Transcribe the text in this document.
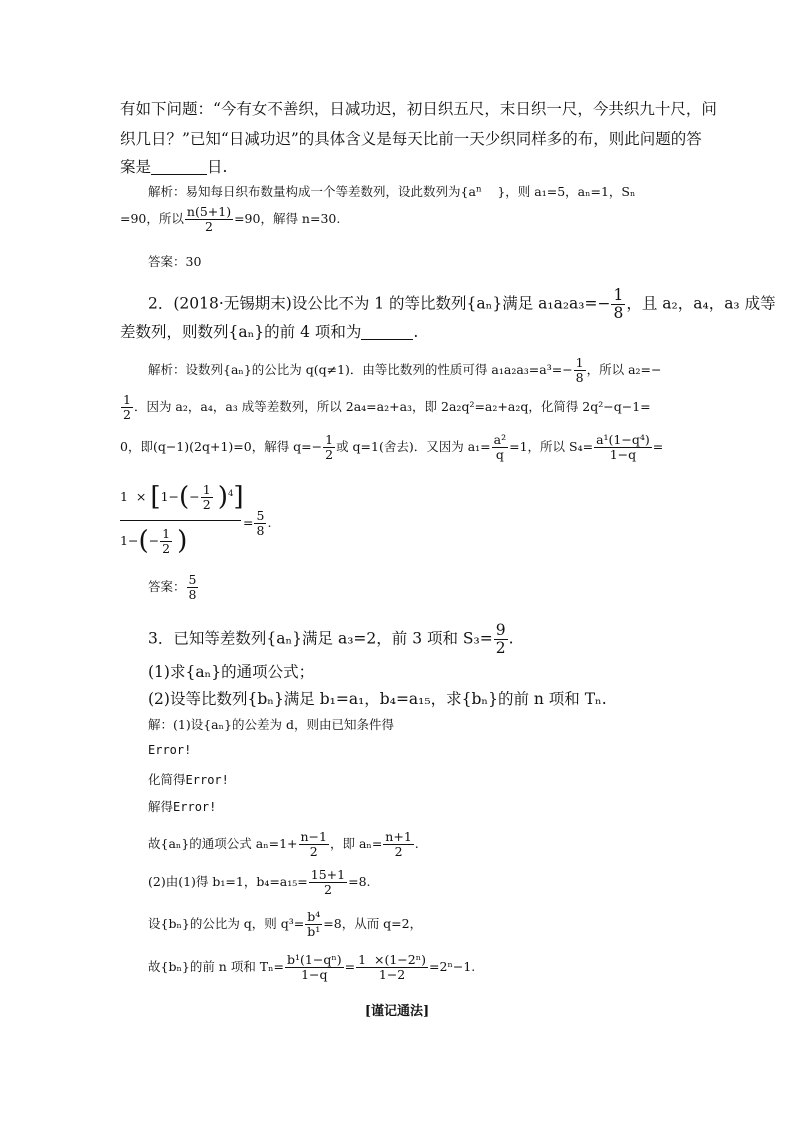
有如下问题：“今有女不善织，日减功迟，初日织五尺，末日织一尺，今共织九十尺，问
织几日？”已知“日减功迟”的具体含义是每天比前一天少织同样多的布，则此问题的答
案是	日.
解析：易知每日织布数量构成一个等差数列，设此数列为{$a^n$ }，则 a₁=5，aₙ=1，Sₙ
=90，所以 $\frac{n(5+1)}{2} =90$，解得 n=30.
答案：30
2．(2018·无锡期末)设公比不为 1 的等比数列{aₙ}满足 $a_1a_2a_3=- \frac{1}{8}$ ，且 a₂，a₄，a₃ 成等
差数列，则数列{aₙ}的前 4 项和为	.
解析：设数列{aₙ}的公比为 q(q≠1)．由等比数列的性质可得 $a_1a_2a_3=a^3=- \frac{1}{8}$ ，所以 a₂=−
$\frac{1}{2}$ ．因为 a₂，a₄，a₃ 成等差数列，所以 2a₄=a₂+a₃，即 2a₂q²=a₂+a₂q，化简得 2q²−q−1=
0，即(q−1)(2q+1)=0，解得 $q=- \frac{1}{2}$ 或 q=1(舍去)．又因为 $a_1= \frac{\text{a²}}{q} =1$，所以 $S_4= \frac{\text{a¹(1−q⁴)}}{1-q}$ =
$1 \times [1-(- \frac{1}{2} )^4]$
$1-(- \frac{1}{2}$ )
= $\frac{5}{8}$ .
答案： $\frac{5}{8}$
3．已知等差数列{aₙ}满足 a₃=2，前 3 项和 $S_3= \frac{9}{2}$ .
(1)求{aₙ}的通项公式；
(2)设等比数列{bₙ}满足 b₁=a₁，b₄=a₁₅，求{bₙ}的前 n 项和 Tₙ.
解：(1)设{aₙ}的公差为 d，则由已知条件得
Error!
化简得Error!
解得Error!
故{aₙ}的通项公式 $a_n=1+ \frac{n-1}{2}$ ，即 $a_n= \frac{n+1}{2}$ .
(2)由(1)得 b₁=1，$b_4=a_{15}= \frac{15+1}{2} =8$.
设{bₙ}的公比为 q，则 $q^3= \frac{\text{b⁴}}{\text{b¹}} =8$，从而 q=2，
故{bₙ}的前 n 项和 $T_n= \frac{\text{b¹(1−qⁿ)}}{1-q} = \frac{\text{1  ×(1−2ⁿ)}}{1-2} =2^n-1$.
[谨记通法]
